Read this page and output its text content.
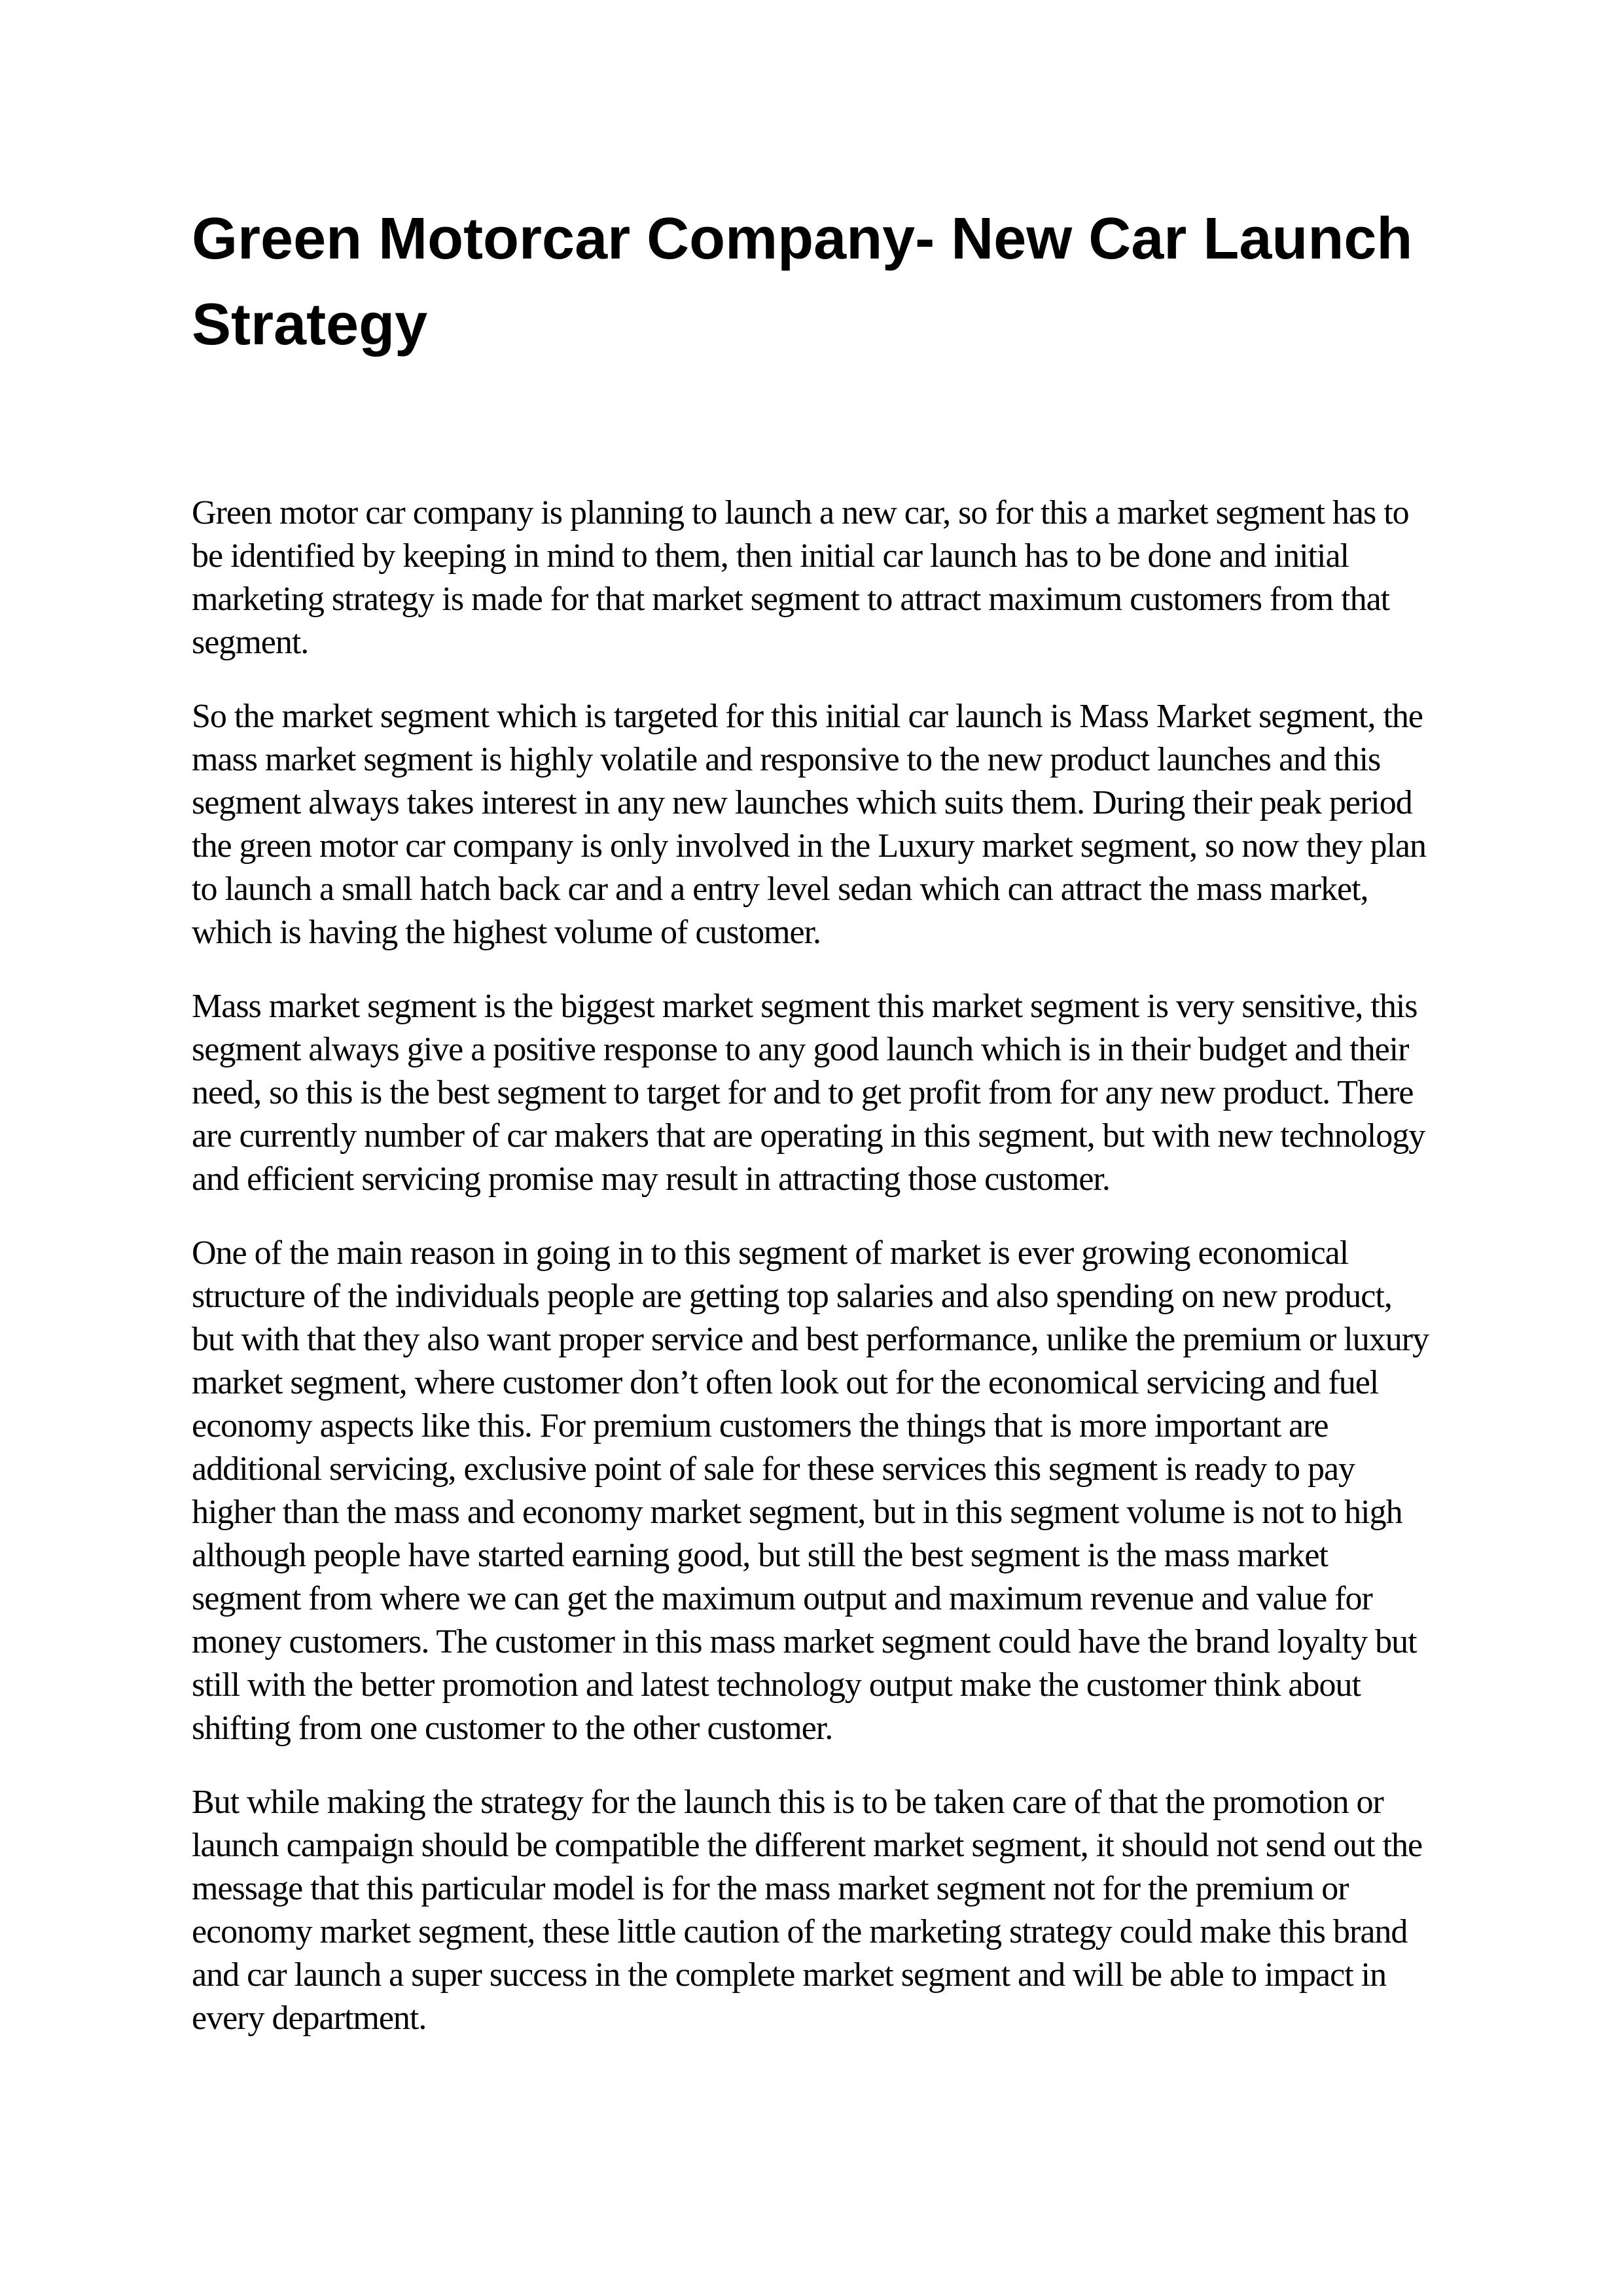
Green Motorcar Company- New Car Launch Strategy

Green motor car company is planning to launch a new car, so for this a market segment has to be identified by keeping in mind to them, then initial car launch has to be done and initial marketing strategy is made for that market segment to attract maximum customers from that segment.

So the market segment which is targeted for this initial car launch is Mass Market segment, the mass market segment is highly volatile and responsive to the new product launches and this segment always takes interest in any new launches which suits them. During their peak period the green motor car company is only involved in the Luxury market segment, so now they plan to launch a small hatch back car and a entry level sedan which can attract the mass market, which is having the highest volume of customer.

Mass market segment is the biggest market segment this market segment is very sensitive, this segment always give a positive response to any good launch which is in their budget and their need, so this is the best segment to target for and to get profit from for any new product. There are currently number of car makers that are operating in this segment, but with new technology and efficient servicing promise may result in attracting those customer.

One of the main reason in going in to this segment of market is ever growing economical structure of the individuals people are getting top salaries and also spending on new product, but with that they also want proper service and best performance, unlike the premium or luxury market segment, where customer don’t often look out for the economical servicing and fuel economy aspects like this. For premium customers the things that is more important are additional servicing, exclusive point of sale for these services this segment is ready to pay higher than the mass and economy market segment, but in this segment volume is not to high although people have started earning good, but still the best segment is the mass market segment from where we can get the maximum output and maximum revenue and value for money customers. The customer in this mass market segment could have the brand loyalty but still with the better promotion and latest technology output make the customer think about shifting from one customer to the other customer.

But while making the strategy for the launch this is to be taken care of that the promotion or launch campaign should be compatible the different market segment, it should not send out the message that this particular model is for the mass market segment not for the premium or economy market segment, these little caution of the marketing strategy could make this brand and car launch a super success in the complete market segment and will be able to impact in every department.
